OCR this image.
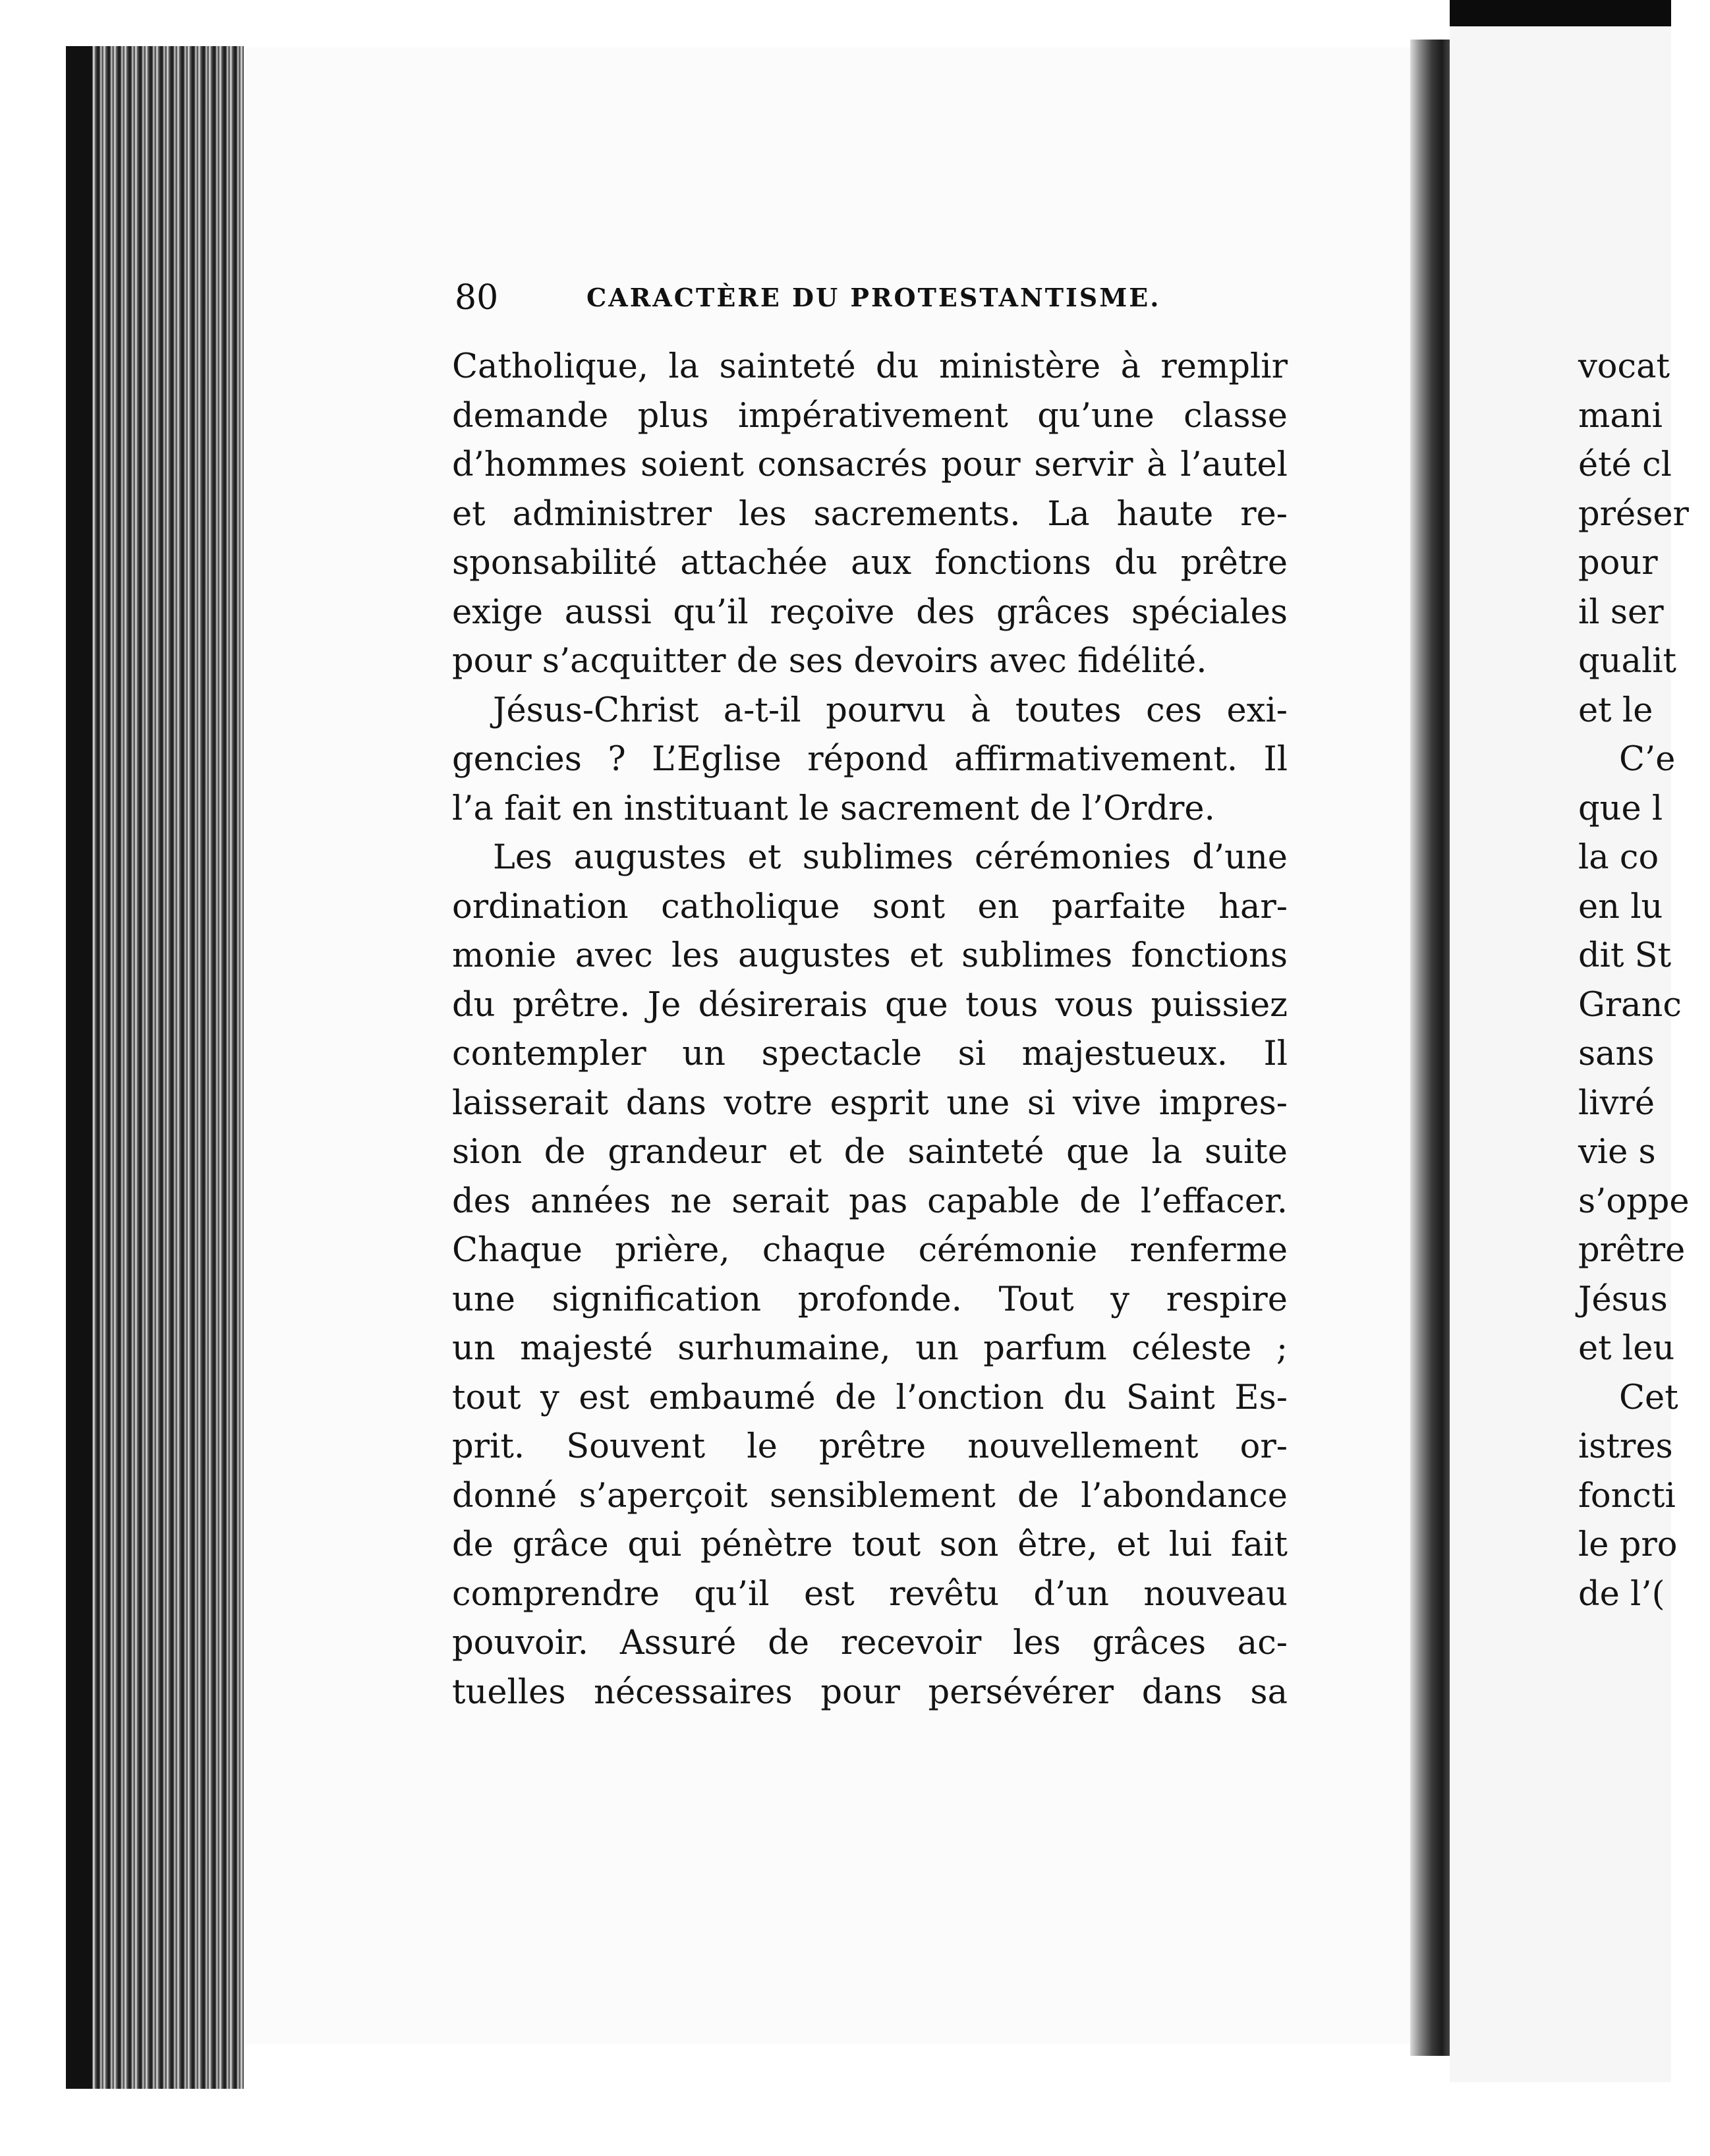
80	CARACTÈRE DU PROTESTANTISME.
Catholique, la sainteté du ministère à remplir
demande plus impérativement qu’une classe
d’hommes soient consacrés pour servir à l’autel
et administrer les sacrements. La haute re-
sponsabilité attachée aux fonctions du prêtre
exige aussi qu’il reçoive des grâces spéciales
pour s’acquitter de ses devoirs avec fidélité.
Jésus-Christ a-t-il pourvu à toutes ces exi-
gencies ? L’Eglise répond affirmativement. Il
l’a fait en instituant le sacrement de l’Ordre.
Les augustes et sublimes cérémonies d’une
ordination catholique sont en parfaite har-
monie avec les augustes et sublimes fonctions
du prêtre. Je désirerais que tous vous puissiez
contempler un spectacle si majestueux. Il
laisserait dans votre esprit une si vive impres-
sion de grandeur et de sainteté que la suite
des années ne serait pas capable de l’effacer.
Chaque prière, chaque cérémonie renferme
une signification profonde. Tout y respire
un majesté surhumaine, un parfum céleste ;
tout y est embaumé de l’onction du Saint Es-
prit. Souvent le prêtre nouvellement or-
donné s’aperçoit sensiblement de l’abondance
de grâce qui pénètre tout son être, et lui fait
comprendre qu’il est revêtu d’un nouveau
pouvoir. Assuré de recevoir les grâces ac-
tuelles nécessaires pour persévérer dans sa
vocat
mani
été cl
préser
pour
il ser
qualit
et le
C’e
que l
la co
en lu
dit St
Granc
sans
livré
vie s
s’oppe
prêtre
Jésus
et leu
Cet
istres
foncti
le pro
de l’(
